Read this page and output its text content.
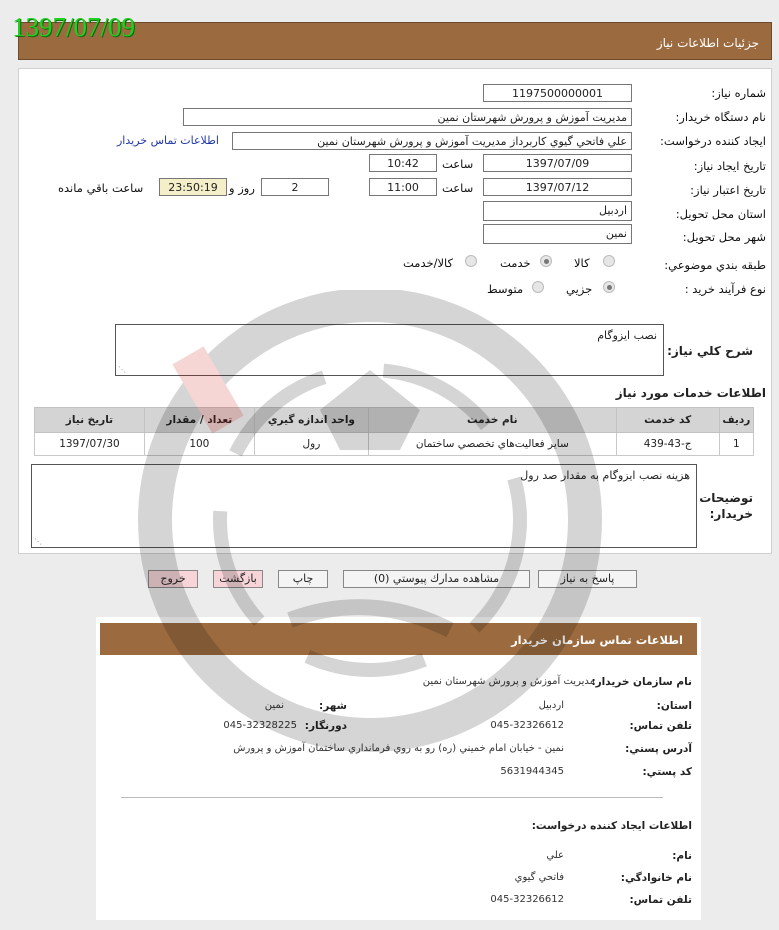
1397/07/09
جزئيات اطلاعات نياز
شماره نياز:
1197500000001
نام دستگاه خريدار:
مديريت آموزش و پرورش شهرستان نمين
ايجاد كننده درخواست:
علي فاتحي گيوي كاربرداز مديريت آموزش و پرورش شهرستان نمين
اطلاعات تماس خريدار
تاريخ ايجاد نياز:
1397/07/09
ساعت
10:42
تاريخ اعتبار نياز:
1397/07/12
ساعت
11:00
2
روز و
23:50:19
ساعت باقي مانده
استان محل تحويل:
اردبيل
شهر محل تحويل:
نمين
طبقه بندي موضوعي:
كالا
خدمت
كالا/خدمت
نوع فرآيند خريد :
جزيي
متوسط
شرح كلي نياز:
نصب ايزوگام
⋰
اطلاعات خدمات مورد نياز
رديف	كد خدمت	نام خدمت	واحد اندازه گيري	تعداد / مقدار	تاريخ نياز
1	ج-43-439	ساير فعاليت‌هاي تخصصي ساختمان	رول	100	1397/07/30
توضيحات
خريدار:
هزينه نصب ايزوگام به مقدار صد رول
⋰
پاسخ به نياز
مشاهده مدارك پيوستي (0)
چاپ
بازگشت
خروج
اطلاعات تماس سازمان خريدار
نام سازمان خريدار:
مديريت آموزش و پرورش شهرستان نمين
استان:
اردبيل
شهر:
نمين
تلفن تماس:
045-32326612
دورنگار:
045-32328225
آدرس پستي:
نمين - خيابان امام خميني (ره) رو به روي فرمانداري ساختمان آموزش و پرورش
كد پستي:
5631944345
اطلاعات ايجاد كننده درخواست:
نام:
علي
نام خانوادگي:
فاتحي گيوي
تلفن تماس:
045-32326612
